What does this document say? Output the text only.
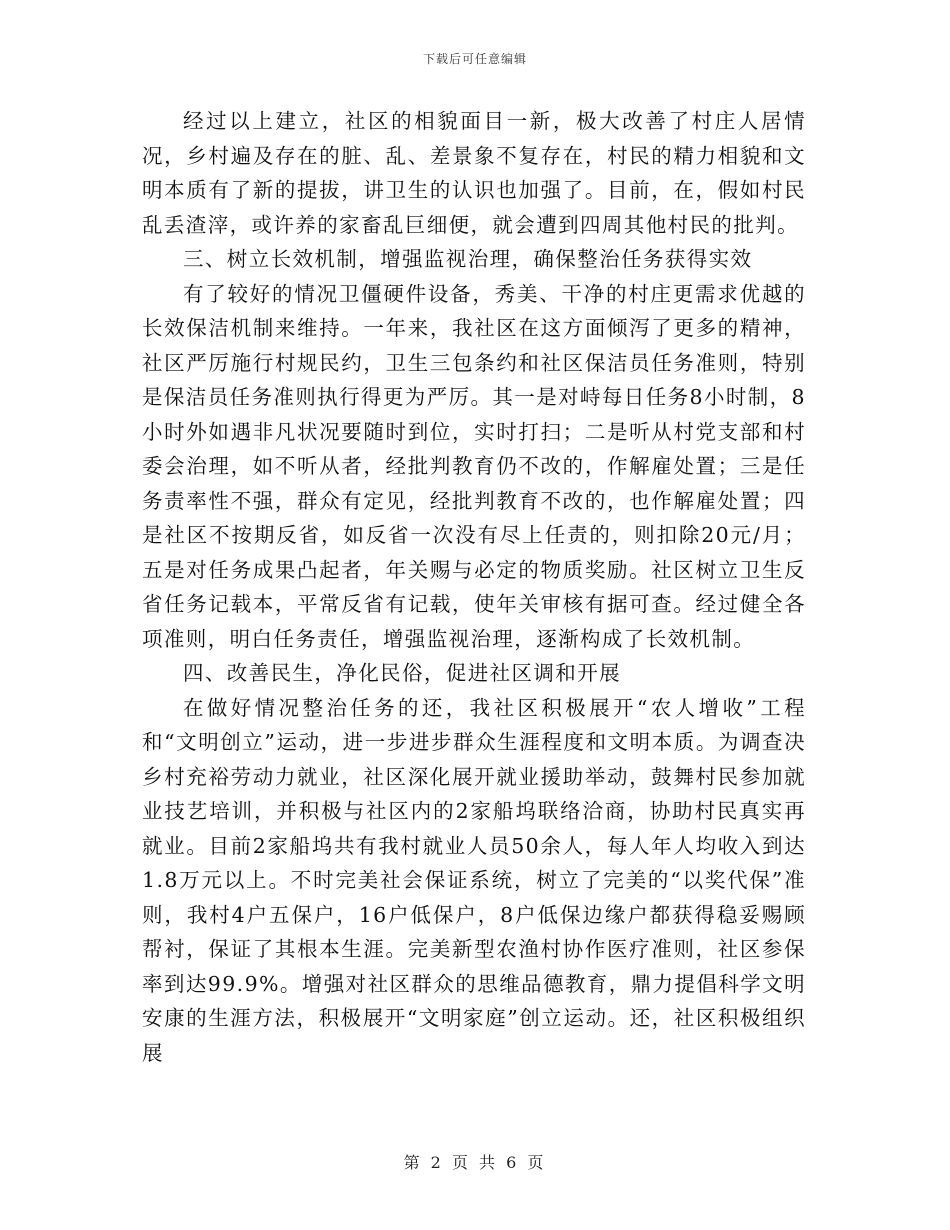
下载后可任意编辑

经过以上建立，社区的相貌面目一新，极大改善了村庄人居情况，乡村遍及存在的脏、乱、差景象不复存在，村民的精力相貌和文明本质有了新的提拔，讲卫生的认识也加强了。目前，在，假如村民乱丢渣滓，或许养的家畜乱巨细便，就会遭到四周其他村民的批判。

三、树立长效机制，增强监视治理，确保整治任务获得实效

有了较好的情况卫僵硬件设备，秀美、干净的村庄更需求优越的长效保洁机制来维持。一年来，我社区在这方面倾泻了更多的精神，社区严厉施行村规民约，卫生三包条约和社区保洁员任务准则，特别是保洁员任务准则执行得更为严厉。其一是对峙每日任务8小时制，8小时外如遇非凡状况要随时到位，实时打扫；二是听从村党支部和村委会治理，如不听从者，经批判教育仍不改的，作解雇处置；三是任务责率性不强，群众有定见，经批判教育不改的，也作解雇处置；四是社区不按期反省，如反省一次没有尽上任责的，则扣除20元/月；五是对任务成果凸起者，年关赐与必定的物质奖励。社区树立卫生反省任务记载本，平常反省有记载，使年关审核有据可查。经过健全各项准则，明白任务责任，增强监视治理，逐渐构成了长效机制。

四、改善民生，净化民俗，促进社区调和开展

在做好情况整治任务的还，我社区积极展开“农人增收”工程和“文明创立”运动，进一步进步群众生涯程度和文明本质。为调查决乡村充裕劳动力就业，社区深化展开就业援助举动，鼓舞村民参加就业技艺培训，并积极与社区内的2家船坞联络洽商，协助村民真实再就业。目前2家船坞共有我村就业人员50余人，每人年人均收入到达1.8万元以上。不时完美社会保证系统，树立了完美的“以奖代保”准则，我村4户五保户，16户低保户，8户低保边缘户都获得稳妥赐顾帮衬，保证了其根本生涯。完美新型农渔村协作医疗准则，社区参保率到达99.9%。增强对社区群众的思维品德教育，鼎力提倡科学文明安康的生涯方法，积极展开“文明家庭”创立运动。还，社区积极组织展

第 2 页 共 6 页
